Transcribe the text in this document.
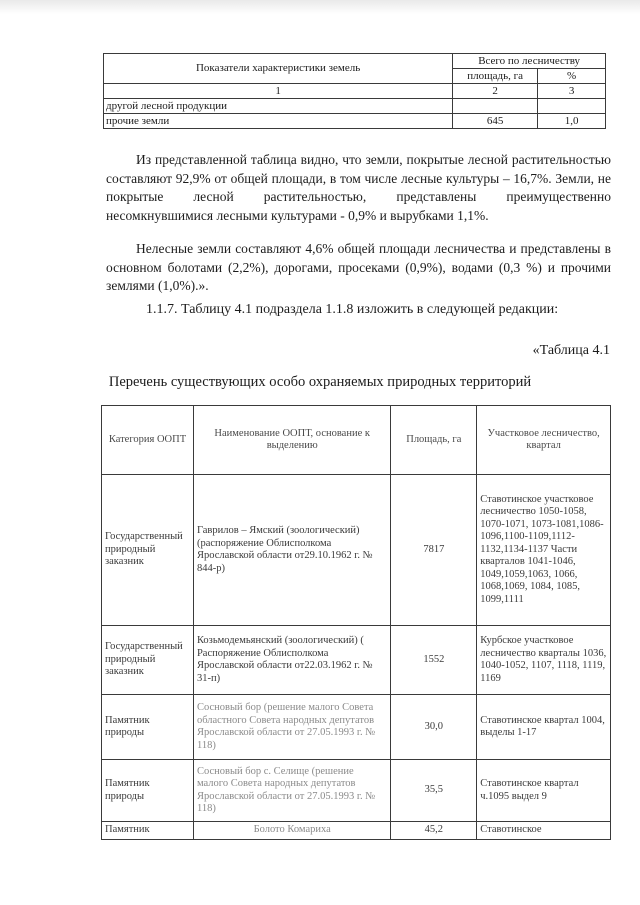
Показатели характеристики земель	Всего по лесничеству	
	площадь, га	%
1	2	3
другой лесной продукции		
прочие земли	645	1,0

Из представленной таблица видно, что земли, покрытые лесной растительностью составляют 92,9% от общей площади, в том числе лесные культуры – 16,7%. Земли, не покрытые лесной растительностью, представлены преимущественно несомкнувшимися лесными культурами - 0,9% и вырубками 1,1%.

Нелесные земли составляют 4,6% общей площади лесничества и представлены в основном болотами (2,2%), дорогами, просеками (0,9%), водами (0,3 %) и прочими землями (1,0%).».

1.1.7. Таблицу 4.1 подраздела 1.1.8 изложить в следующей редакции:
«Таблица 4.1
Перечень существующих особо охраняемых природных территорий
Категория ООПТ	Наименование ООПТ, основание к выделению	Площадь, га	Участковое лесничество, квартал
Государственный природный заказник	Гаврилов – Ямский (зоологический) (распоряжение Облисполкома Ярославской области от29.10.1962 г. № 844-р)	7817	Ставотинское участковое лесничество 1050-1058, 1070-1071, 1073-1081,1086-1096,1100-1109,1112-1132,1134-1137 Части кварталов 1041-1046, 1049,1059,1063, 1066, 1068,1069, 1084, 1085, 1099,1111
Государственный природный заказник	Козьмодемьянский (зоологический) ( Распоряжение Облисполкома Ярославской области от22.03.1962 г. № 31-п)	1552	Курбское участковое лесничество кварталы 1036, 1040-1052, 1107, 1118, 1119, 1169
Памятник природы	Сосновый бор (решение малого Совета областного Совета народных депутатов Ярославской области от 27.05.1993 г. № 118)	30,0	Ставотинское квартал 1004, выделы 1-17
Памятник природы	Сосновый бор с. Селище (решение малого Совета народных депутатов Ярославской области от 27.05.1993 г. № 118)	35,5	Ставотинское квартал ч.1095 выдел 9
Памятник	Болото Комариха	45,2	Ставотинское
